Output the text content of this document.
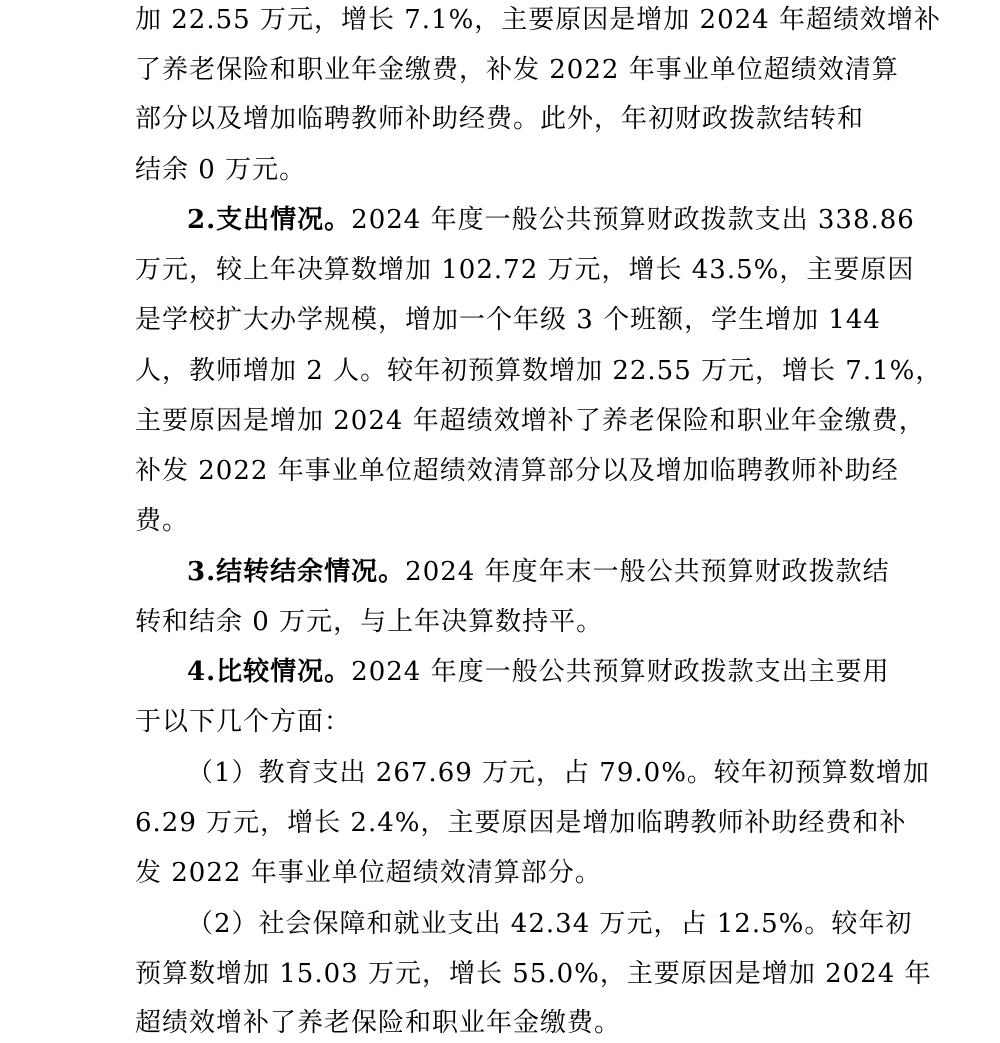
加 22.55 万元，增长 7.1%，主要原因是增加 2024 年超绩效增补
了养老保险和职业年金缴费，补发 2022 年事业单位超绩效清算
部分以及增加临聘教师补助经费。此外，年初财政拨款结转和
结余 0 万元。
2.支出情况。2024 年度一般公共预算财政拨款支出 338.86
万元，较上年决算数增加 102.72 万元，增长 43.5%，主要原因
是学校扩大办学规模，增加一个年级 3 个班额，学生增加 144
人，教师增加 2 人。较年初预算数增加 22.55 万元，增长 7.1%，
主要原因是增加 2024 年超绩效增补了养老保险和职业年金缴费，
补发 2022 年事业单位超绩效清算部分以及增加临聘教师补助经
费。
3.结转结余情况。2024 年度年末一般公共预算财政拨款结
转和结余 0 万元，与上年决算数持平。
4.比较情况。2024 年度一般公共预算财政拨款支出主要用
于以下几个方面：
（1）教育支出 267.69 万元，占 79.0%。较年初预算数增加
6.29 万元，增长 2.4%，主要原因是增加临聘教师补助经费和补
发 2022 年事业单位超绩效清算部分。
（2）社会保障和就业支出 42.34 万元，占 12.5%。较年初
预算数增加 15.03 万元，增长 55.0%，主要原因是增加 2024 年
超绩效增补了养老保险和职业年金缴费。
